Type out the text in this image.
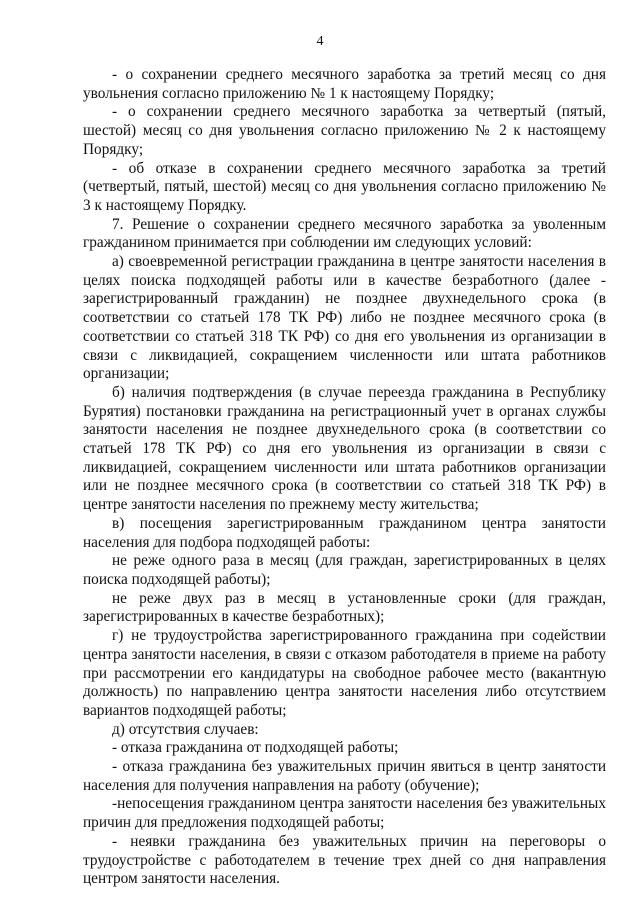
4

- о сохранении среднего месячного заработка за третий месяц со дня увольнения согласно приложению № 1 к настоящему Порядку;

- о сохранении среднего месячного заработка за четвертый (пятый, шестой) месяц со дня увольнения согласно приложению № 2 к настоящему Порядку;

- об отказе в сохранении среднего месячного заработка за третий (четвертый, пятый, шестой) месяц со дня увольнения согласно приложению № 3 к настоящему Порядку.

7. Решение о сохранении среднего месячного заработка за уволенным гражданином принимается при соблюдении им следующих условий:

а) своевременной регистрации гражданина в центре занятости населения в целях поиска подходящей работы или в качестве безработного (далее - зарегистрированный гражданин) не позднее двухнедельного срока (в соответствии со статьей 178 ТК РФ) либо не позднее месячного срока (в соответствии со статьей 318 ТК РФ) со дня его увольнения из организации в связи с ликвидацией, сокращением численности или штата работников организации;

б) наличия подтверждения (в случае переезда гражданина в Республику Бурятия) постановки гражданина на регистрационный учет в органах службы занятости населения не позднее двухнедельного срока (в соответствии со статьей 178 ТК РФ) со дня его увольнения из организации в связи с ликвидацией, сокращением численности или штата работников организации или не позднее месячного срока (в соответствии со статьей 318 ТК РФ) в центре занятости населения по прежнему месту жительства;

в) посещения зарегистрированным гражданином центра занятости населения для подбора подходящей работы:

не реже одного раза в месяц (для граждан, зарегистрированных в целях поиска подходящей работы);

не реже двух раз в месяц в установленные сроки (для граждан, зарегистрированных в качестве безработных);

г) не трудоустройства зарегистрированного гражданина при содействии центра занятости населения, в связи с отказом работодателя в приеме на работу при рассмотрении его кандидатуры на свободное рабочее место (вакантную должность) по направлению центра занятости населения либо отсутствием вариантов подходящей работы;

д) отсутствия случаев:

- отказа гражданина от подходящей работы;

- отказа гражданина без уважительных причин явиться в центр занятости населения для получения направления на работу (обучение);

-непосещения гражданином центра занятости населения без уважительных причин для предложения подходящей работы;

- неявки гражданина без уважительных причин на переговоры о трудоустройстве с работодателем в течение трех дней со дня направления центром занятости населения.
